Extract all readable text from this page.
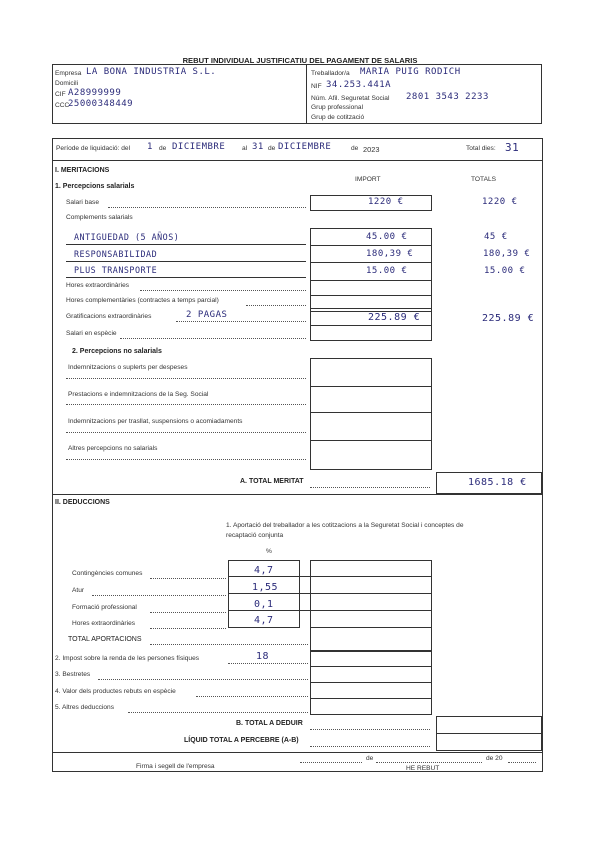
REBUT INDIVIDUAL JUSTIFICATIU DEL PAGAMENT DE SALARIS
Empresa LA BONA INDUSTRIA S.L.
Domicili
CIF A28999999
CCC
25000348449
Treballador/a MARIA PUIG RODICH
NIF 34.253.441A
Núm. Afil. Seguretat Social 2801 3543 2233
Grup professional
Grup de cotització
Període de liquidació: del 1 de DICIEMBRE	al 31 de DICIEMBRE	de 2023	Total dies: 31
I. MERITACIONS
IMPORT	TOTALS
1. Percepcions salarials
Salari base	1220 €	1220 €
Complements salarials
ANTIGUEDAD (5 AÑOS)	45.00 €	45 €
RESPONSABILIDAD	180,39 €	180,39 €
PLUS TRANSPORTE	15.00 €	15.00 €
Hores extraordinàries
Hores complementàries (contractes a temps parcial)
Gratificacions extraordinàries	2 PAGAS	225.89 €	225.89 €
Salari en espècie
2. Percepcions no salarials
Indemnitzacions o suplerts per despeses
Prestacions e indemnitzacions de la Seg. Social
Indemnitzacions per trasllat, suspensions o acomiadaments
Altres percepcions no salarials
A. TOTAL MERITAT	1685.18 €
II. DEDUCCIONS
1. Aportació del treballador a les cotitzacions a la Seguretat Social i conceptes de
recaptació conjunta
%
Contingències comunes	4,7
Atur	1,55
Formació professional	0,1
Hores extraordinàries	4,7
TOTAL APORTACIONS
2. Impost sobre la renda de les persones físiques	18
3. Bestretes
4. Valor dels productes rebuts en espècie
5. Altres deduccions
B. TOTAL A DEDUIR
LÍQUID TOTAL A PERCEBRE (A-B)
de	de 20
Firma i segell de l'empresa	HE REBUT
